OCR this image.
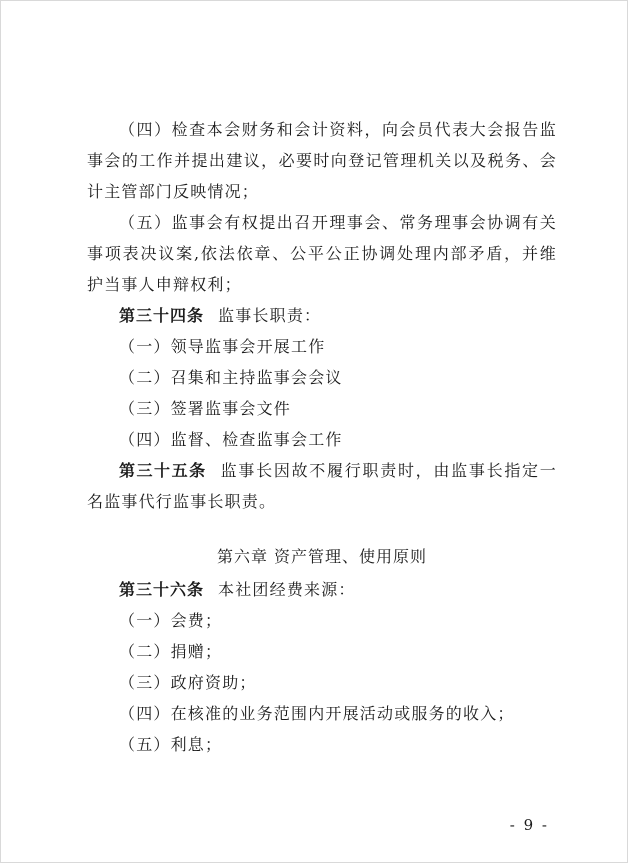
（四）检查本会财务和会计资料，向会员代表大会报告监事会的工作并提出建议，必要时向登记管理机关以及税务、会计主管部门反映情况；

（五）监事会有权提出召开理事会、常务理事会协调有关事项表决议案,依法依章、公平公正协调处理内部矛盾，并维护当事人申辩权利；

第三十四条 监事长职责：

（一）领导监事会开展工作

（二）召集和主持监事会会议

（三）签署监事会文件

（四）监督、检查监事会工作

第三十五条 监事长因故不履行职责时，由监事长指定一名监事代行监事长职责。

第六章 资产管理、使用原则

第三十六条 本社团经费来源：

（一）会费；

（二）捐赠；

（三）政府资助；

（四）在核准的业务范围内开展活动或服务的收入；

（五）利息；

- 9 -
